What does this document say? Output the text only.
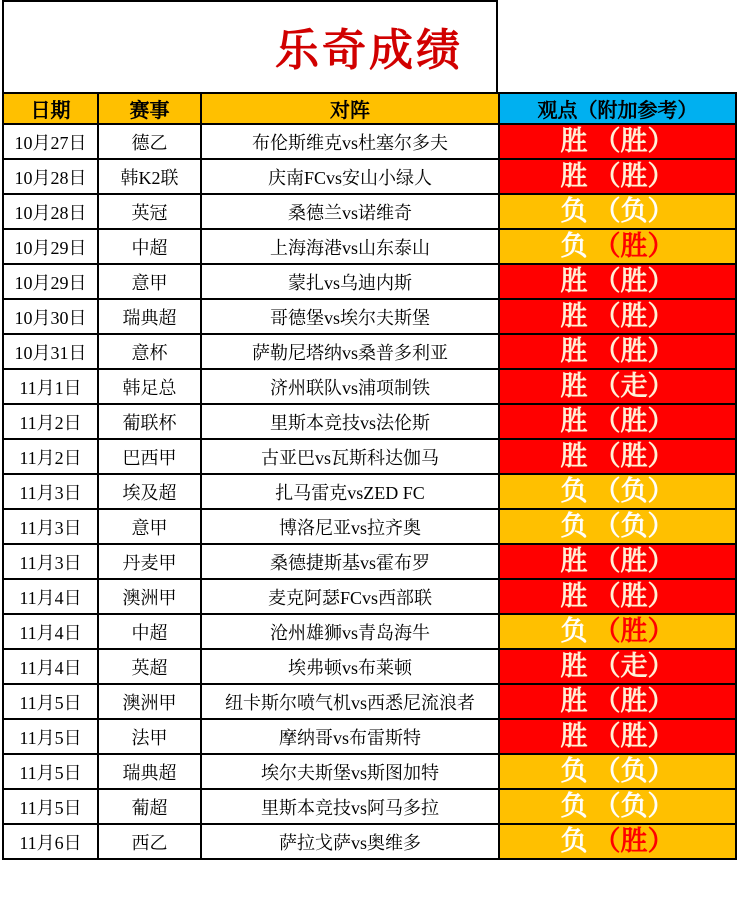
乐奇成绩
日期	赛事	对阵	观点（附加参考）
10月27日	德乙	布伦斯维克vs杜塞尔多夫	胜 （胜）
10月28日	韩K2联	庆南FCvs安山小绿人	胜 （胜）
10月28日	英冠	桑德兰vs诺维奇	负 （负）
10月29日	中超	上海海港vs山东泰山	负 （胜）
10月29日	意甲	蒙扎vs乌迪内斯	胜 （胜）
10月30日	瑞典超	哥德堡vs埃尔夫斯堡	胜 （胜）
10月31日	意杯	萨勒尼塔纳vs桑普多利亚	胜 （胜）
11月1日	韩足总	济州联队vs浦项制铁	胜 （走）
11月2日	葡联杯	里斯本竞技vs法伦斯	胜 （胜）
11月2日	巴西甲	古亚巴vs瓦斯科达伽马	胜 （胜）
11月3日	埃及超	扎马雷克vsZED FC	负 （负）
11月3日	意甲	博洛尼亚vs拉齐奥	负 （负）
11月3日	丹麦甲	桑德捷斯基vs霍布罗	胜 （胜）
11月4日	澳洲甲	麦克阿瑟FCvs西部联	胜 （胜）
11月4日	中超	沧州雄狮vs青岛海牛	负 （胜）
11月4日	英超	埃弗顿vs布莱顿	胜 （走）
11月5日	澳洲甲	纽卡斯尔喷气机vs西悉尼流浪者	胜 （胜）
11月5日	法甲	摩纳哥vs布雷斯特	胜 （胜）
11月5日	瑞典超	埃尔夫斯堡vs斯图加特	负 （负）
11月5日	葡超	里斯本竞技vs阿马多拉	负 （负）
11月6日	西乙	萨拉戈萨vs奥维多	负 （胜）
